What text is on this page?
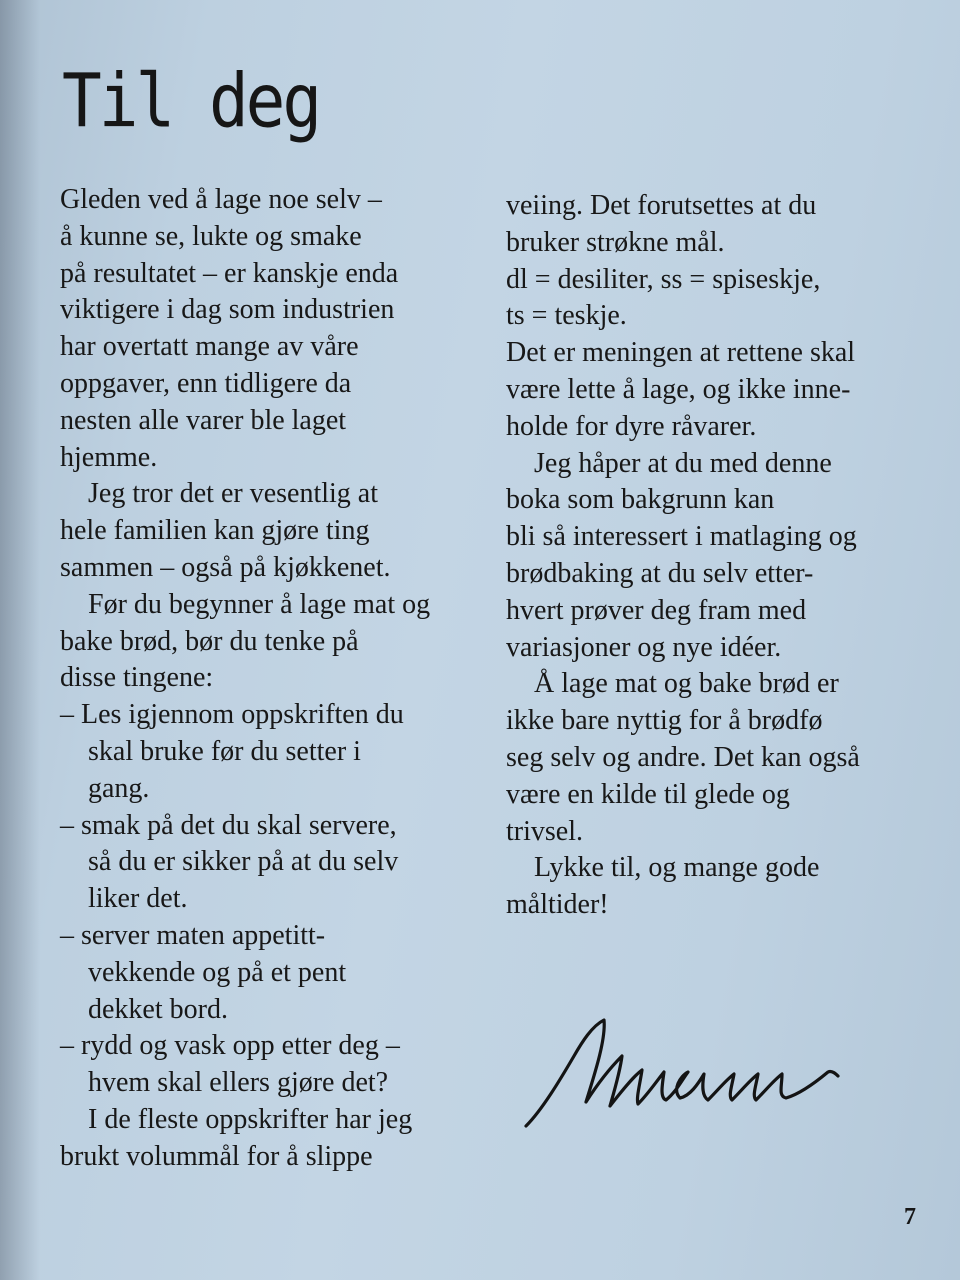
Til deg
Gleden ved å lage noe selv –
å kunne se, lukte og smake
på resultatet – er kanskje enda
viktigere i dag som industrien
har overtatt mange av våre
oppgaver, enn tidligere da
nesten alle varer ble laget
hjemme.
Jeg tror det er vesentlig at
hele familien kan gjøre ting
sammen – også på kjøkkenet.
Før du begynner å lage mat og
bake brød, bør du tenke på
disse tingene:
– Les igjennom oppskriften du
skal bruke før du setter i
gang.
– smak på det du skal servere,
så du er sikker på at du selv
liker det.
– server maten appetitt-
vekkende og på et pent
dekket bord.
– rydd og vask opp etter deg –
hvem skal ellers gjøre det?
I de fleste oppskrifter har jeg
brukt volummål for å slippe
veiing. Det forutsettes at du
bruker strøkne mål.
dl = desiliter, ss = spiseskje,
ts = teskje.
Det er meningen at rettene skal
være lette å lage, og ikke inne-
holde for dyre råvarer.
Jeg håper at du med denne
boka som bakgrunn kan
bli så interessert i matlaging og
brødbaking at du selv etter-
hvert prøver deg fram med
variasjoner og nye idéer.
Å lage mat og bake brød er
ikke bare nyttig for å brødfø
seg selv og andre. Det kan også
være en kilde til glede og
trivsel.
Lykke til, og mange gode
måltider!
7
